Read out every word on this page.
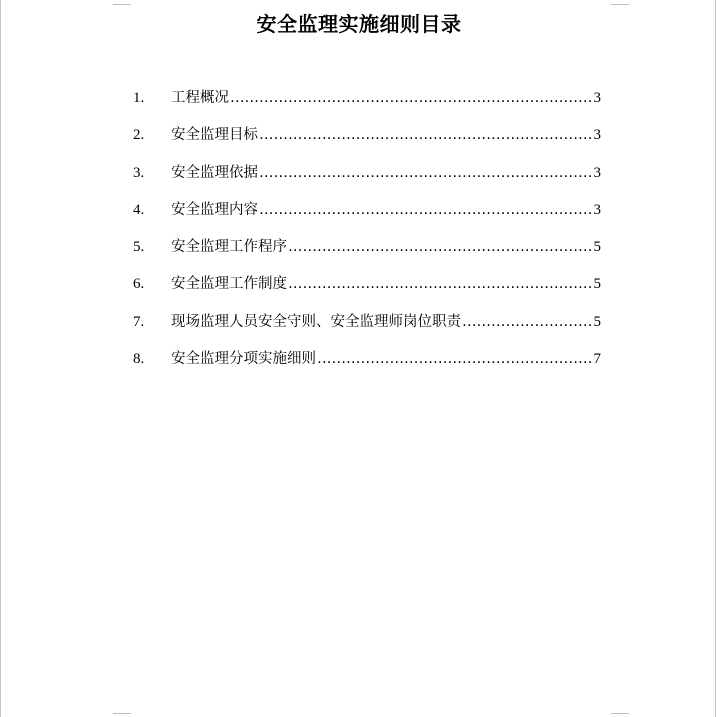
安全监理实施细则目录
1.	工程概况 ………………………………………………………………………………………………………………………………………………………………	3
2.	安全监理目标 ………………………………………………………………………………………………………………………………………………………………	3
3.	安全监理依据 ………………………………………………………………………………………………………………………………………………………………	3
4.	安全监理内容 ………………………………………………………………………………………………………………………………………………………………	3
5.	安全监理工作程序 ………………………………………………………………………………………………………………………………………………………………	5
6.	安全监理工作制度 ………………………………………………………………………………………………………………………………………………………………	5
7.	现场监理人员安全守则、安全监理师岗位职责 ………………………………………………………………………………………………………………………………………………………………	5
8.	安全监理分项实施细则 ………………………………………………………………………………………………………………………………………………………………	7
